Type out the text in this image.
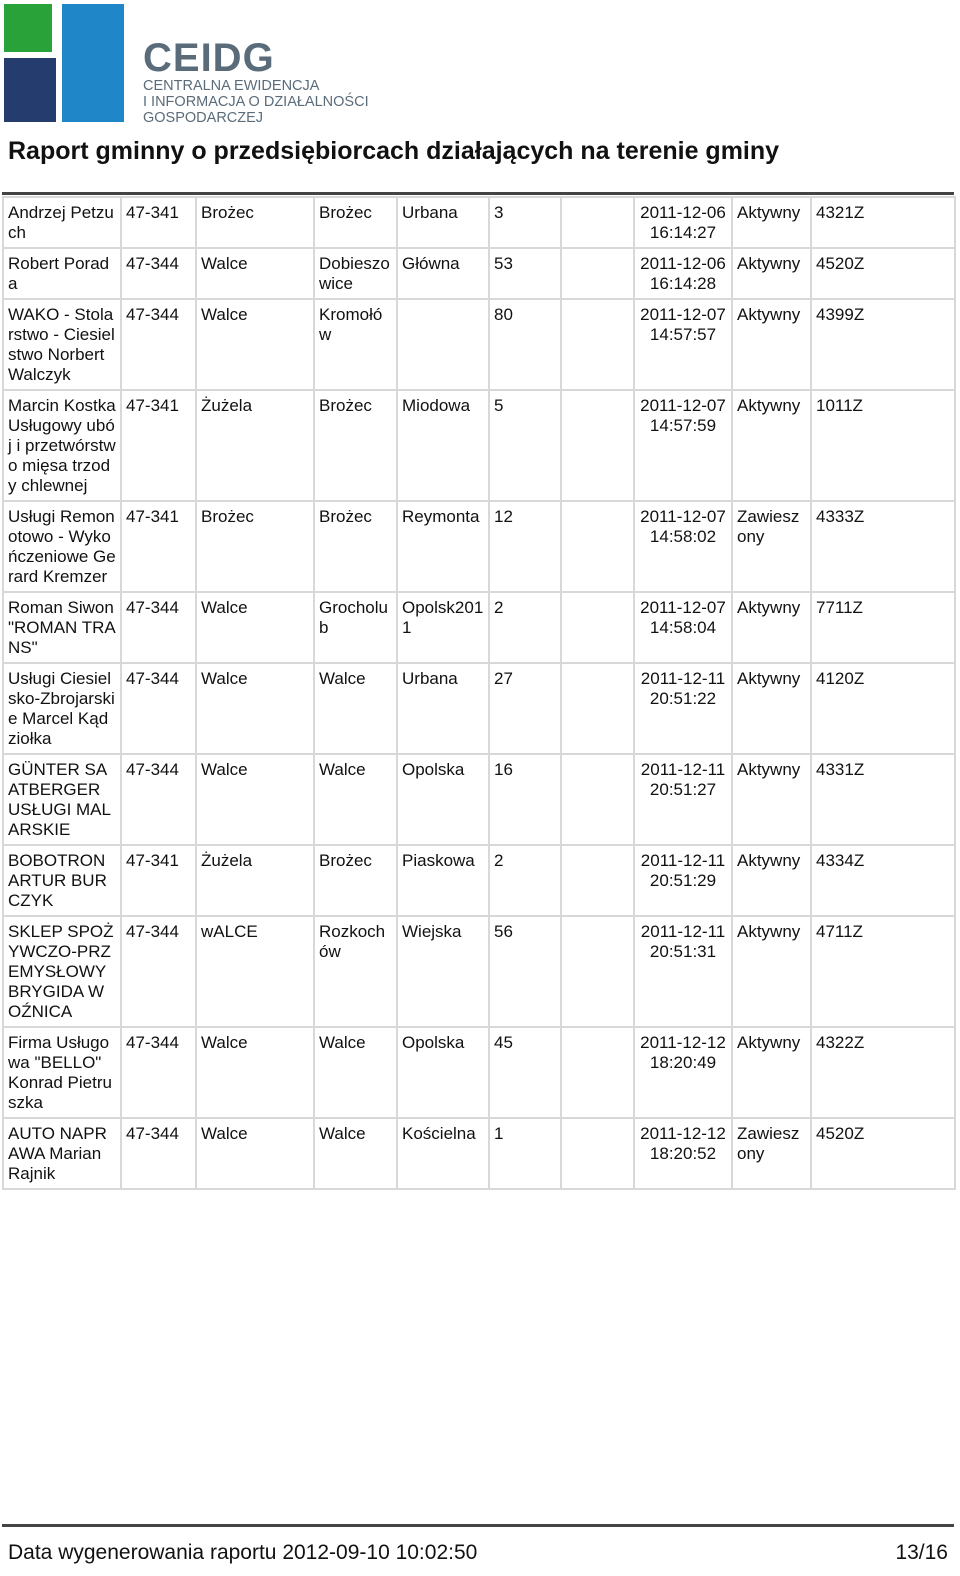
CEIDG
CENTRALNA EWIDENCJA
I INFORMACJA O DZIAŁALNOŚCI
GOSPODARCZEJ
Raport gminny o przedsiębiorcach działających na terenie gminy
Andrzej Petzuch	47-341	Brożec	Brożec	Urbana	3		2011-12-06 16:14:27	Aktywny	4321Z
Robert Porada	47-344	Walce	Dobieszowice	Główna	53		2011-12-06 16:14:28	Aktywny	4520Z
WAKO - Stolarstwo - Ciesielstwo Norbert Walczyk	47-344	Walce	Kromołów		80		2011-12-07 14:57:57	Aktywny	4399Z
Marcin Kostka Usługowy ubój i przetwórstwo mięsa trzody chlewnej	47-341	Żużela	Brożec	Miodowa	5		2011-12-07 14:57:59	Aktywny	1011Z
Usługi Remonotowo - Wykończeniowe Gerard Kremzer	47-341	Brożec	Brożec	Reymonta	12		2011-12-07 14:58:02	Zawieszony	4333Z
Roman Siwon "ROMAN TRANS"	47-344	Walce	Grocholub	Opolsk2011	2		2011-12-07 14:58:04	Aktywny	7711Z
Usługi Ciesielsko-Zbrojarskie Marcel Kądziołka	47-344	Walce	Walce	Urbana	27		2011-12-11 20:51:22	Aktywny	4120Z
GÜNTER SAATBERGER USŁUGI MALARSKIE	47-344	Walce	Walce	Opolska	16		2011-12-11 20:51:27	Aktywny	4331Z
BOBOTRON ARTUR BURCZYK	47-341	Żużela	Brożec	Piaskowa	2		2011-12-11 20:51:29	Aktywny	4334Z
SKLEP SPOŻYWCZO-PRZEMYSŁOWY BRYGIDA WOŹNICA	47-344	wALCE	Rozkochów	Wiejska	56		2011-12-11 20:51:31	Aktywny	4711Z
Firma Usługowa "BELLO" Konrad Pietruszka	47-344	Walce	Walce	Opolska	45		2011-12-12 18:20:49	Aktywny	4322Z
AUTO NAPRAWA Marian Rajnik	47-344	Walce	Walce	Kościelna	1		2011-12-12 18:20:52	Zawieszony	4520Z
Data wygenerowania raportu 2012-09-10 10:02:50	13/16
